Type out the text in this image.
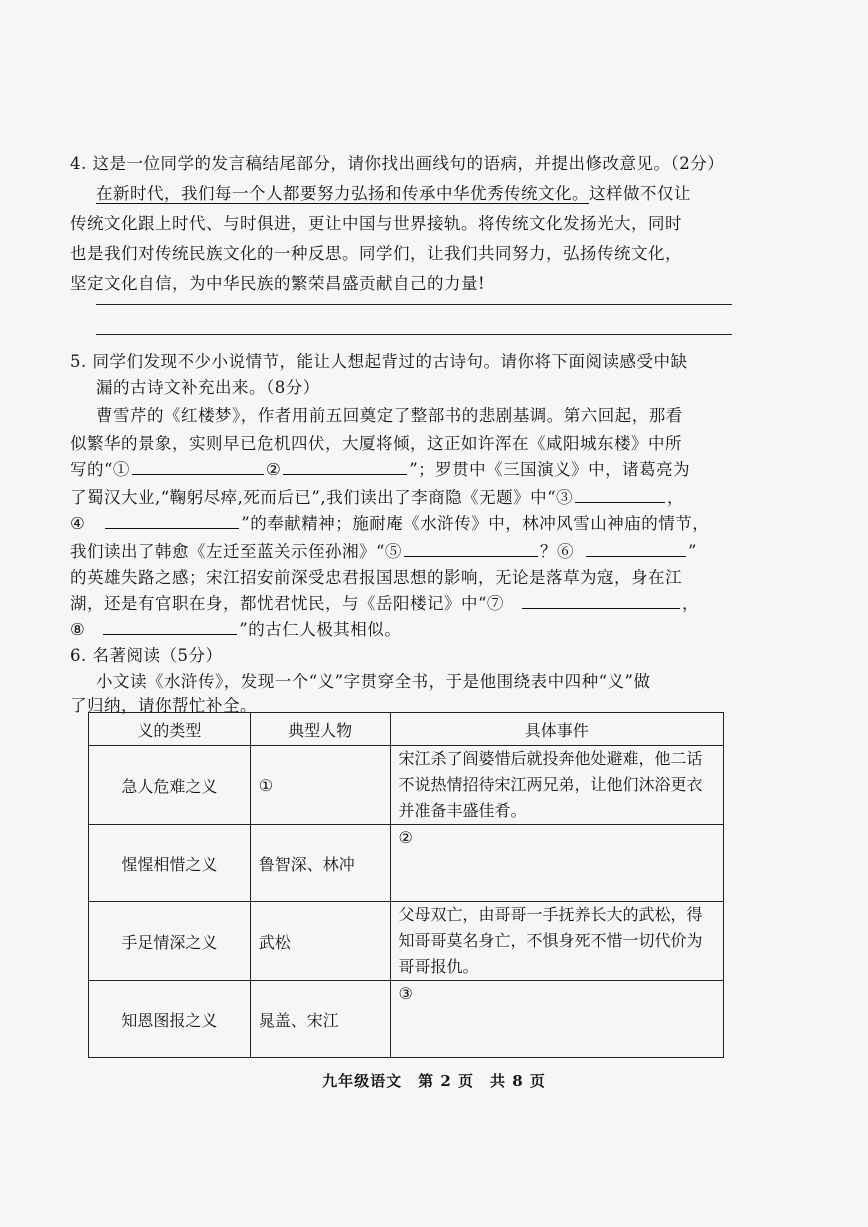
4. 这是一位同学的发言稿结尾部分，请你找出画线句的语病，并提出修改意见。（2分）
在新时代，我们每一个人都要努力弘扬和传承中华优秀传统文化。这样做不仅让
传统文化跟上时代、与时俱进，更让中国与世界接轨。将传统文化发扬光大，同时
也是我们对传统民族文化的一种反思。同学们，让我们共同努力，弘扬传统文化，
坚定文化自信，为中华民族的繁荣昌盛贡献自己的力量!
5. 同学们发现不少小说情节，能让人想起背过的古诗句。请你将下面阅读感受中缺
漏的古诗文补充出来。（8分）
曹雪芹的《红楼梦》，作者用前五回奠定了整部书的悲剧基调。第六回起，那看
似繁华的景象，实则早已危机四伏，大厦将倾，这正如许浑在《咸阳城东楼》中所
写的“①	②	”；罗贯中《三国演义》中，诸葛亮为
了蜀汉大业,“鞠躬尽瘁,死而后已”,我们读出了李商隐《无题》中“③	，
④	”的奉献精神；施耐庵《水浒传》中，林冲风雪山神庙的情节，
我们读出了韩愈《左迁至蓝关示侄孙湘》“⑤	？⑥	”
的英雄失路之感；宋江招安前深受忠君报国思想的影响，无论是落草为寇，身在江
湖，还是有官职在身，都忧君忧民，与《岳阳楼记》中“⑦	，
⑧	”的古仁人极其相似。
6. 名著阅读（5分）
小文读《水浒传》，发现一个“义”字贯穿全书，于是他围绕表中四种“义”做
了归纳，请你帮忙补全。
义的类型	典型人物	具体事件
急人危难之义	①	宋江杀了阎婆惜后就投奔他处避难，他二话不说热情招待宋江两兄弟，让他们沐浴更衣并准备丰盛佳肴。
惺惺相惜之义	鲁智深、林冲	②
手足情深之义	武松	父母双亡，由哥哥一手抚养长大的武松，得知哥哥莫名身亡，不惧身死不惜一切代价为哥哥报仇。
知恩图报之义	晁盖、宋江	③
九年级语文　第 2 页　共 8 页
